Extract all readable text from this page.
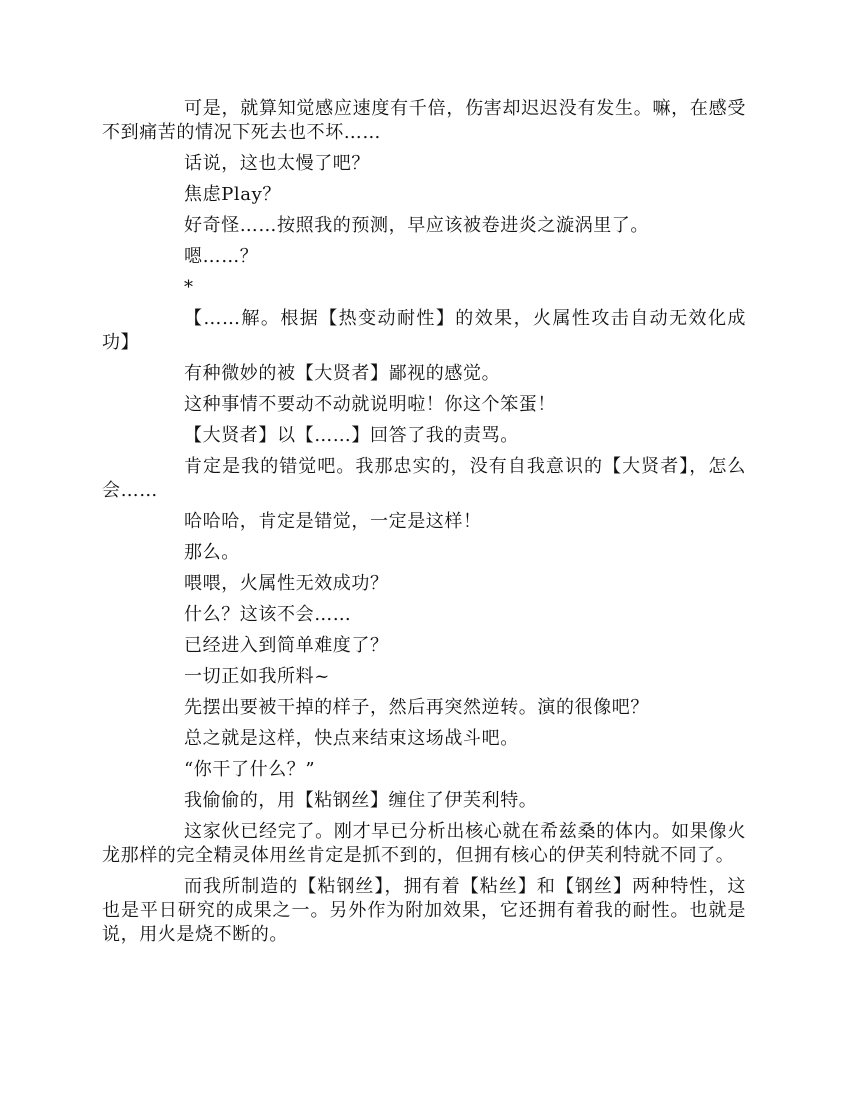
可是，就算知觉感应速度有千倍，伤害却迟迟没有发生。嘛，在感受不到痛苦的情况下死去也不坏……

话说，这也太慢了吧？

焦虑Play？

好奇怪……按照我的预测，早应该被卷进炎之漩涡里了。

嗯……？

*

【……解。根据【热变动耐性】的效果，火属性攻击自动无效化成功】

有种微妙的被【大贤者】鄙视的感觉。

这种事情不要动不动就说明啦！你这个笨蛋！

【大贤者】以【……】回答了我的责骂。

肯定是我的错觉吧。我那忠实的，没有自我意识的【大贤者】，怎么会……

哈哈哈，肯定是错觉，一定是这样！

那么。

喂喂，火属性无效成功？

什么？这该不会……

已经进入到简单难度了？

一切正如我所料~

先摆出要被干掉的样子，然后再突然逆转。演的很像吧？

总之就是这样，快点来结束这场战斗吧。

“你干了什么？”

我偷偷的，用【粘钢丝】缠住了伊芙利特。

这家伙已经完了。刚才早已分析出核心就在希兹桑的体内。如果像火龙那样的完全精灵体用丝肯定是抓不到的，但拥有核心的伊芙利特就不同了。

而我所制造的【粘钢丝】，拥有着【粘丝】和【钢丝】两种特性，这也是平日研究的成果之一。另外作为附加效果，它还拥有着我的耐性。也就是说，用火是烧不断的。
